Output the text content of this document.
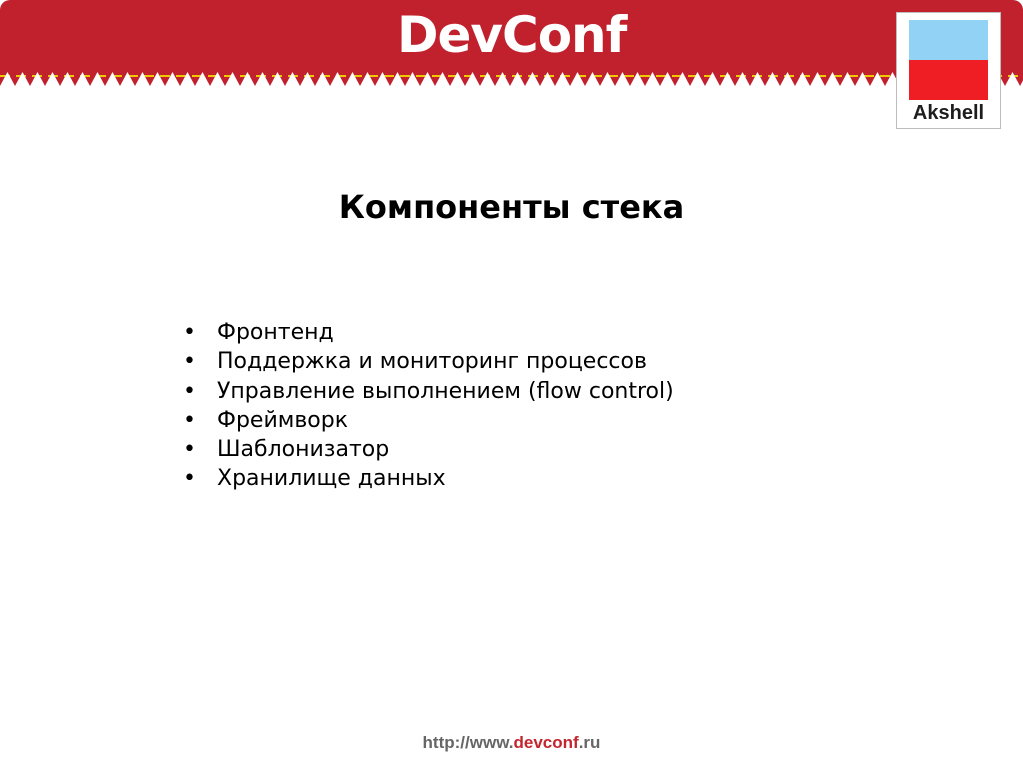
DevConf
Akshell
Компоненты стека
• Фронтенд
• Поддержка и мониторинг процессов
• Управление выполнением (flow control)
• Фреймворк
• Шаблонизатор
• Хранилище данных
http://www.devconf.ru
